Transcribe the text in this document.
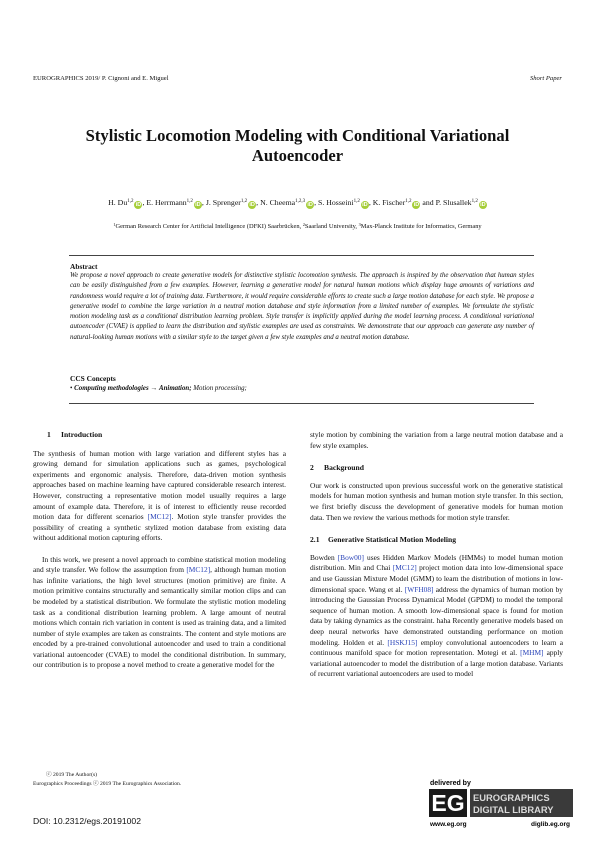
EUROGRAPHICS 2019/ P. Cignoni and E. Miguel	Short Paper
Stylistic Locomotion Modeling with Conditional Variational Autoencoder
H. Du$^{1,2}$iD, E. Herrmann$^{1,2}$iD, J. Sprenger$^{1,2}$iD, N. Cheema$^{1,2,3}$iD, S. Hosseini$^{1,2}$iD, K. Fischer$^{1,2}$iD and P. Slusallek$^{1,2}$iD
$^1$German Research Center for Artificial Intelligence (DFKI) Saarbrücken, $^2$Saarland University, $^3$Max-Planck Institute for Informatics, Germany
Abstract
We propose a novel approach to create generative models for distinctive stylistic locomotion synthesis. The approach is inspired by the observation that human styles can be easily distinguished from a few examples. However, learning a generative model for natural human motions which display huge amounts of variations and randomness would require a lot of training data. Furthermore, it would require considerable efforts to create such a large motion database for each style. We propose a generative model to combine the large variation in a neutral motion database and style information from a limited number of examples. We formulate the stylistic motion modeling task as a conditional distribution learning problem. Style transfer is implicitly applied during the model learning process. A conditional variational autoencoder (CVAE) is applied to learn the distribution and stylistic examples are used as constraints. We demonstrate that our approach can generate any number of natural-looking human motions with a similar style to the target given a few style examples and a neutral motion database.
CCS Concepts
• Computing methodologies → Animation; Motion processing;
1 Introduction

The synthesis of human motion with large variation and different styles has a growing demand for simulation applications such as games, psychological experiments and ergonomic analysis. Therefore, data-driven motion synthesis approaches based on machine learning have captured considerable research interest. However, constructing a representative motion model usually requires a large amount of example data. Therefore, it is of interest to efficiently reuse recorded motion data for different scenarios [MC12]. Motion style transfer provides the possibility of creating a synthetic stylized motion database from existing data without additional motion capturing efforts.

In this work, we present a novel approach to combine statistical motion modeling and style transfer. We follow the assumption from [MC12], although human motion has infinite variations, the high level structures (motion primitive) are finite. A motion primitive contains structurally and semantically similar motion clips and can be modeled by a statistical distribution. We formulate the stylistic motion modeling task as a conditional distribution learning problem. A large amount of neutral motions which contain rich variation in content is used as training data, and a limited number of style examples are taken as constraints. The content and style motions are encoded by a pre-trained convolutional autoencoder and used to train a conditional variational autoencoder (CVAE) to model the conditional distribution. In summary, our contribution is to propose a novel method to create a generative model for the

style motion by combining the variation from a large neutral motion database and a few style examples.

2 Background

Our work is constructed upon previous successful work on the generative statistical models for human motion synthesis and human motion style transfer. In this section, we first briefly discuss the development of generative models for human motion data. Then we review the various methods for motion style transfer.

2.1 Generative Statistical Motion Modeling

Bowden [Bow00] uses Hidden Markov Models (HMMs) to model human motion distribution. Min and Chai [MC12] project motion data into low-dimensional space and use Gaussian Mixture Model (GMM) to learn the distribution of motions in low-dimensional space. Wang et al. [WFH08] address the dynamics of human motion by introducing the Gaussian Process Dynamical Model (GPDM) to model the temporal sequence of human motion. A smooth low-dimensional space is found for motion data by taking dynamics as the constraint. haha Recently generative models based on deep neural networks have demonstrated outstanding performance on motion modeling. Holden et al. [HSKJ15] employ convolutional autoencoders to learn a continuous manifold space for motion representation. Motegi et al. [MHM] apply variational autoencoder to model the distribution of a large motion database. Variants of recurrent variational autoencoders are used to model

ⓒ 2019 The Author(s)
Eurographics Proceedings ⓒ 2019 The Eurographics Association.
DOI: 10.2312/egs.20191002
delivered by
EG EUROGRAPHICS
DIGITAL LIBRARY
www.eg.org	diglib.eg.org
